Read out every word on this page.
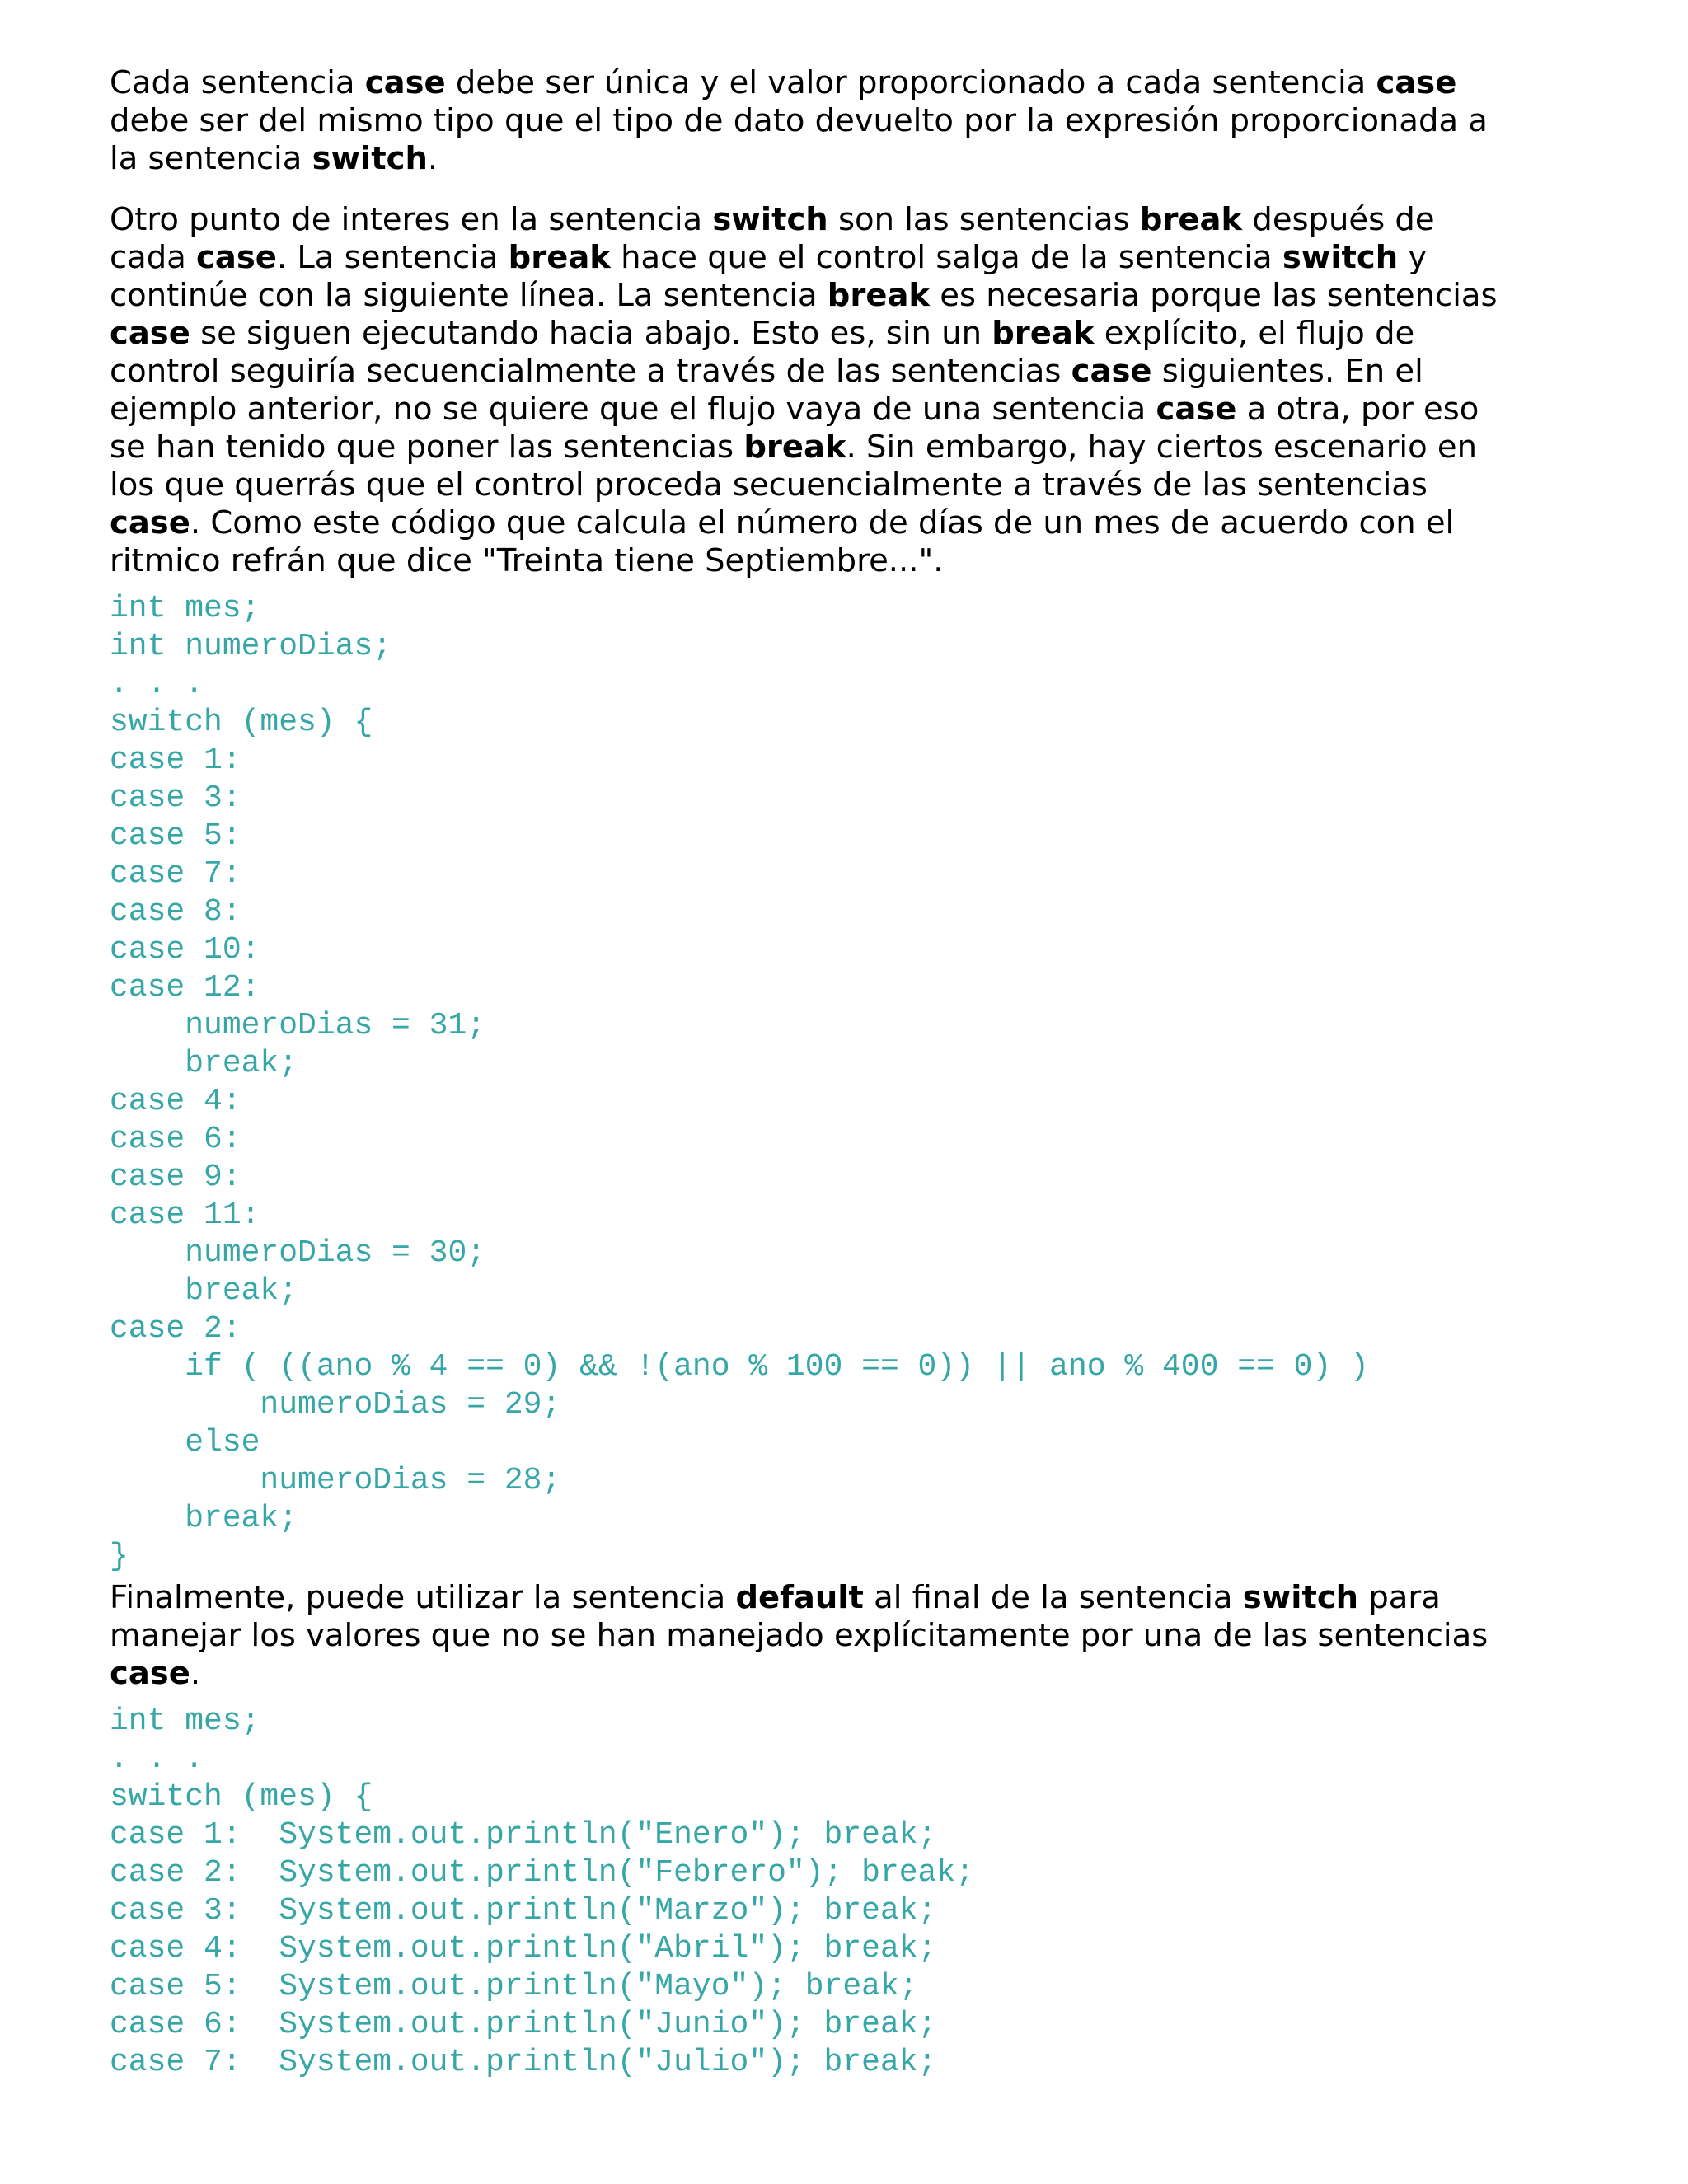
Cada sentencia case debe ser única y el valor proporcionado a cada sentencia case
debe ser del mismo tipo que el tipo de dato devuelto por la expresión proporcionada a
la sentencia switch.

Otro punto de interes en la sentencia switch son las sentencias break después de
cada case. La sentencia break hace que el control salga de la sentencia switch y
continúe con la siguiente línea. La sentencia break es necesaria porque las sentencias
case se siguen ejecutando hacia abajo. Esto es, sin un break explícito, el flujo de
control seguiría secuencialmente a través de las sentencias case siguientes. En el
ejemplo anterior, no se quiere que el flujo vaya de una sentencia case a otra, por eso
se han tenido que poner las sentencias break. Sin embargo, hay ciertos escenario en
los que querrás que el control proceda secuencialmente a través de las sentencias
case. Como este código que calcula el número de días de un mes de acuerdo con el
ritmico refrán que dice "Treinta tiene Septiembre...".

int mes;
int numeroDias;
. . .
switch (mes) {
case 1:
case 3:
case 5:
case 7:
case 8:
case 10:
case 12:
numeroDias = 31;
break;
case 4:
case 6:
case 9:
case 11:
numeroDias = 30;
break;
case 2:
if ( ((ano % 4 == 0) && !(ano % 100 == 0)) || ano % 400 == 0) )
numeroDias = 29;
else
numeroDias = 28;
break;
}

Finalmente, puede utilizar la sentencia default al final de la sentencia switch para
manejar los valores que no se han manejado explícitamente por una de las sentencias
case.

int mes;
. . .
switch (mes) {
case 1:  System.out.println("Enero"); break;
case 2:  System.out.println("Febrero"); break;
case 3:  System.out.println("Marzo"); break;
case 4:  System.out.println("Abril"); break;
case 5:  System.out.println("Mayo"); break;
case 6:  System.out.println("Junio"); break;
case 7:  System.out.println("Julio"); break;
